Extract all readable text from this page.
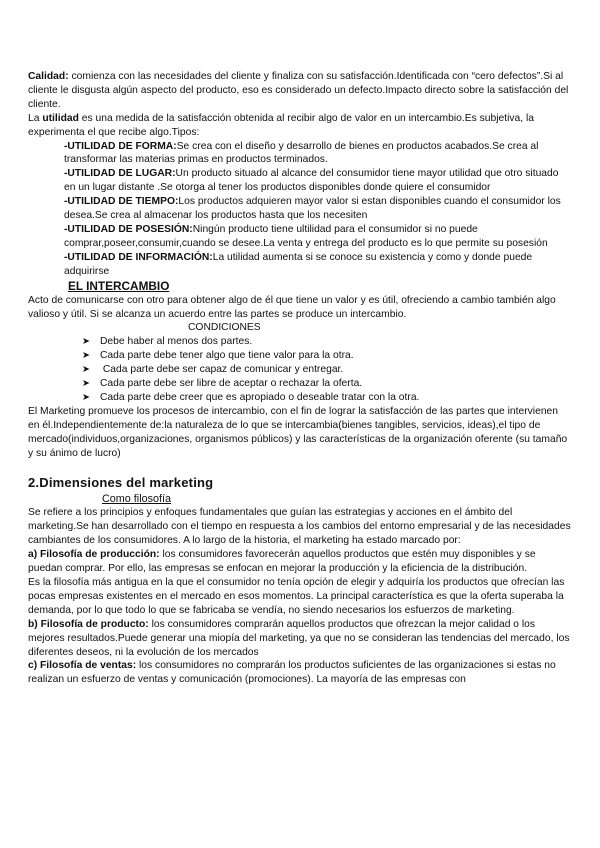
Calidad: comienza con las necesidades del cliente y finaliza con su satisfacción.Identificada con “cero defectos”.Si al cliente le disgusta algún aspecto del producto, eso es considerado un defecto.Impacto directo sobre la satisfacción del cliente.

La utilidad es una medida de la satisfacción obtenida al recibir algo de valor en un intercambio.Es subjetiva, la experimenta el que recibe algo.Tipos:

-UTILIDAD DE FORMA:Se crea con el diseño y desarrollo de bienes en productos acabados.Se crea al transformar las materias primas en productos terminados.

-UTILIDAD DE LUGAR:Un producto situado al alcance del consumidor tiene mayor utilidad que otro situado en un lugar distante .Se otorga al tener los productos disponibles donde quiere el consumidor

-UTILIDAD DE TIEMPO:Los productos adquieren mayor valor si estan disponibles cuando el consumidor los desea.Se crea al almacenar los productos hasta que los necesiten

-UTILIDAD DE POSESIÓN:Ningún producto tiene ultilidad para el consumidor si no puede comprar,poseer,consumir,cuando se desee.La venta y entrega del producto es lo que permite su posesión

-UTILIDAD DE INFORMACIÓN:La utilidad aumenta si se conoce su existencia y como y donde puede adquirirse

EL INTERCAMBIO

Acto de comunicarse con otro para obtener algo de él que tiene un valor y es útil, ofreciendo a cambio también algo valioso y útil. Si se alcanza un acuerdo entre las partes se produce un intercambio.

CONDICIONES

➤ Debe haber al menos dos partes.
➤ Cada parte debe tener algo que tiene valor para la otra.
➤ Cada parte debe ser capaz de comunicar y entregar.
➤ Cada parte debe ser libre de aceptar o rechazar la oferta.
➤ Cada parte debe creer que es apropiado o deseable tratar con la otra.

El Marketing promueve los procesos de intercambio, con el fin de lograr la satisfacción de las partes que intervienen en él.Independientemente de:la naturaleza de lo que se intercambia(bienes tangibles, servicios, ideas),el tipo de mercado(individuos,organizaciones, organismos públicos) y las características de la organización oferente (su tamaño y su ánimo de lucro)

2.Dimensiones del marketing

Como filosofía

Se refiere a los principios y enfoques fundamentales que guían las estrategias y acciones en el ámbito del marketing.Se han desarrollado con el tiempo en respuesta a los cambios del entorno empresarial y de las necesidades cambiantes de los consumidores. A lo largo de la historia, el marketing ha estado marcado por:

a) Filosofía de producción: los consumidores favorecerán aquellos productos que estén muy disponibles y se puedan comprar. Por ello, las empresas se enfocan en mejorar la producción y la eficiencia de la distribución.

Es la filosofía más antigua en la que el consumidor no tenía opción de elegir y adquiría los productos que ofrecían las pocas empresas existentes en el mercado en esos momentos. La principal característica es que la oferta superaba la demanda, por lo que todo lo que se fabricaba se vendía, no siendo necesarios los esfuerzos de marketing.

b) Filosofía de producto: los consumidores comprarán aquellos productos que ofrezcan la mejor calidad o los mejores resultados.Puede generar una miopía del marketing, ya que no se consideran las tendencias del mercado, los diferentes deseos, ni la evolución de los mercados

c) Filosofía de ventas: los consumidores no comprarán los productos suficientes de las organizaciones si estas no realizan un esfuerzo de ventas y comunicación (promociones). La mayoría de las empresas con
